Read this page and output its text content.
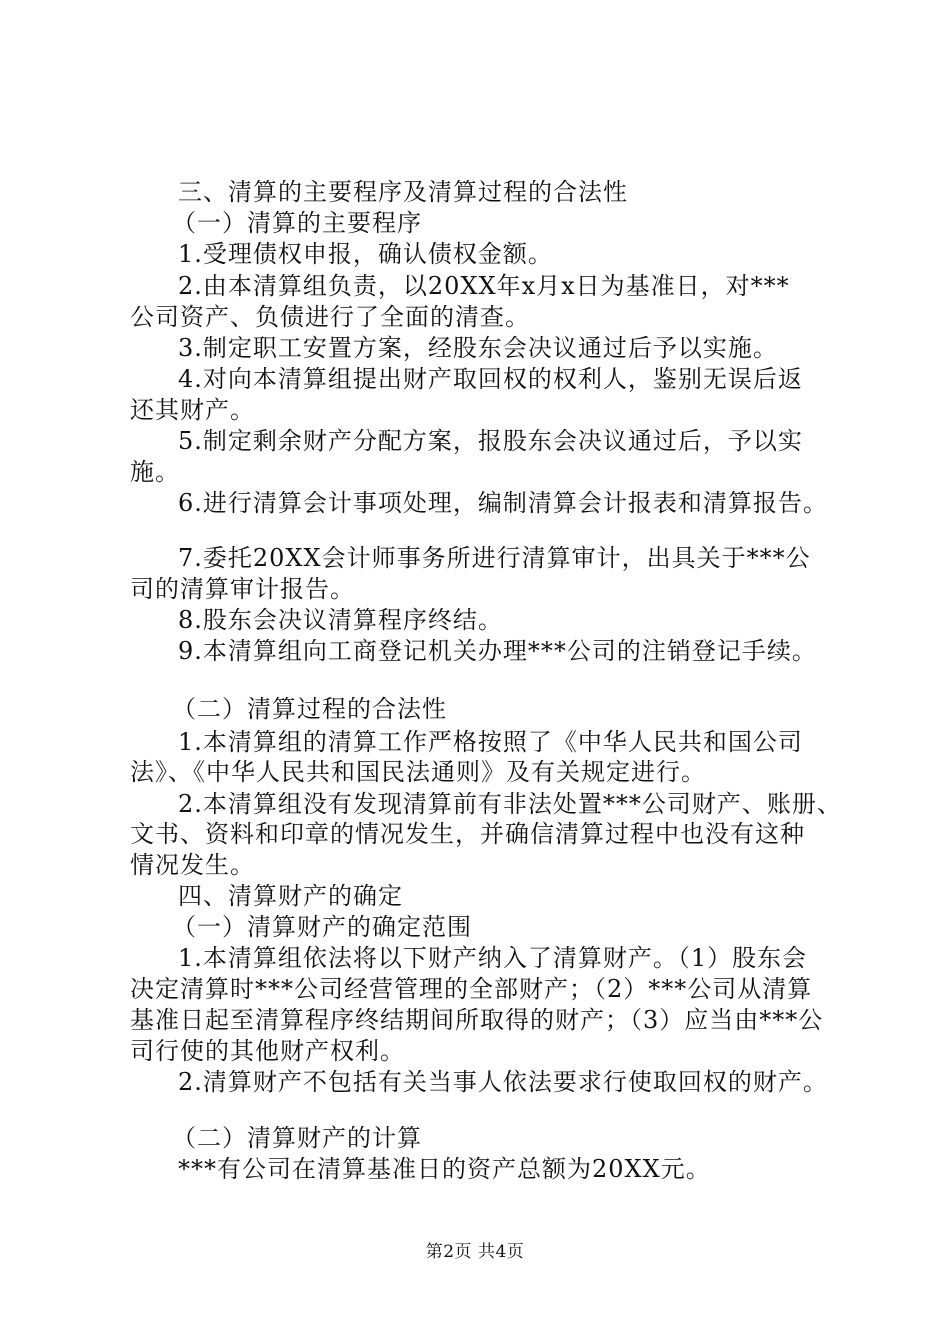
三、清算的主要程序及清算过程的合法性
（一）清算的主要程序
1.受理债权申报，确认债权金额。
2.由本清算组负责，以20XX年x月x日为基准日，对***
公司资产、负债进行了全面的清查。
3.制定职工安置方案，经股东会决议通过后予以实施。
4.对向本清算组提出财产取回权的权利人，鉴别无误后返
还其财产。
5.制定剩余财产分配方案，报股东会决议通过后，予以实
施。
6.进行清算会计事项处理，编制清算会计报表和清算报告。
7.委托20XX会计师事务所进行清算审计，出具关于***公
司的清算审计报告。
8.股东会决议清算程序终结。
9.本清算组向工商登记机关办理***公司的注销登记手续。
（二）清算过程的合法性
1.本清算组的清算工作严格按照了《中华人民共和国公司
法》、《中华人民共和国民法通则》及有关规定进行。
2.本清算组没有发现清算前有非法处置***公司财产、账册、
文书、资料和印章的情况发生，并确信清算过程中也没有这种
情况发生。
四、清算财产的确定
（一）清算财产的确定范围
1.本清算组依法将以下财产纳入了清算财产。（1）股东会
决定清算时***公司经营管理的全部财产；（2）***公司从清算
基准日起至清算程序终结期间所取得的财产；（3）应当由***公
司行使的其他财产权利。
2.清算财产不包括有关当事人依法要求行使取回权的财产。
（二）清算财产的计算
***有公司在清算基准日的资产总额为20XX元。
第2页 共4页
